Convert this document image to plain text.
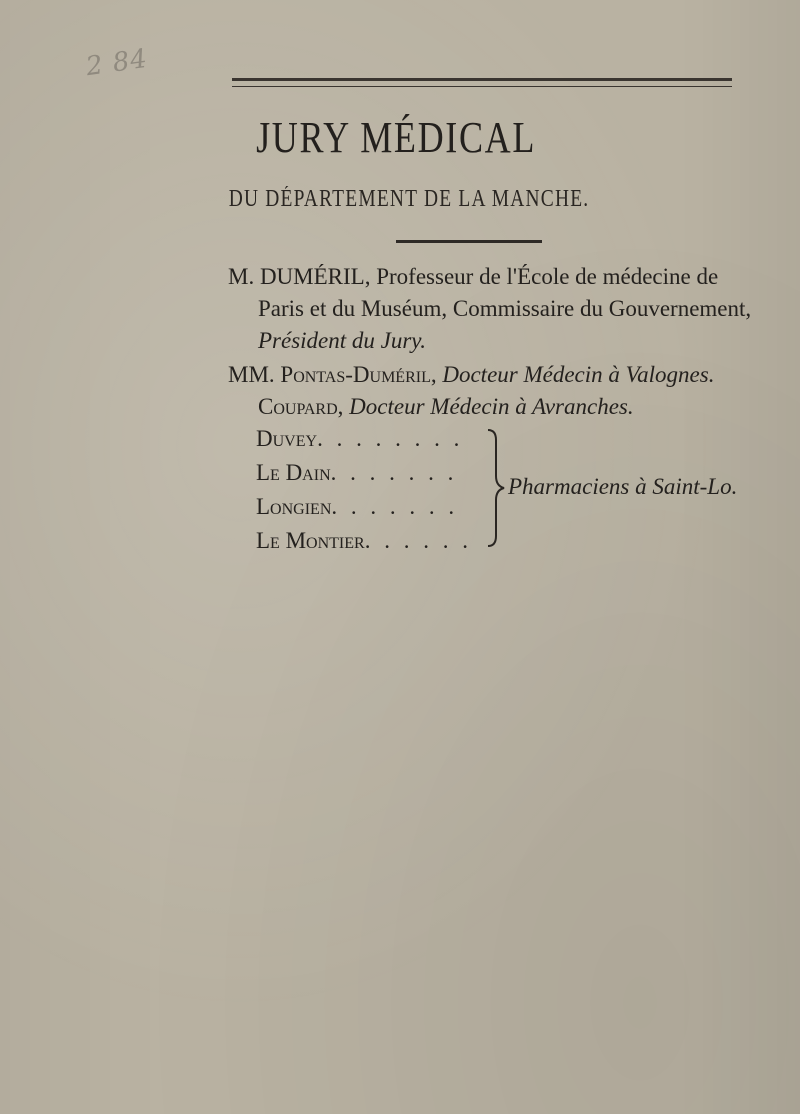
2 84
JURY MÉDICAL
DU DÉPARTEMENT DE LA MANCHE.
M. DUMÉRIL, Professeur de l'École de médecine de
Paris et du Muséum, Commissaire du Gouvernement,
Président du Jury.
MM. Pontas-Duméril, Docteur Médecin à Valognes.
Coupard, Docteur Médecin à Avranches.
Duvey. . . . . . . .
Le Dain. . . . . . .
Longien. . . . . . .
Le Montier. . . . . .
Pharmaciens à Saint-Lo.
